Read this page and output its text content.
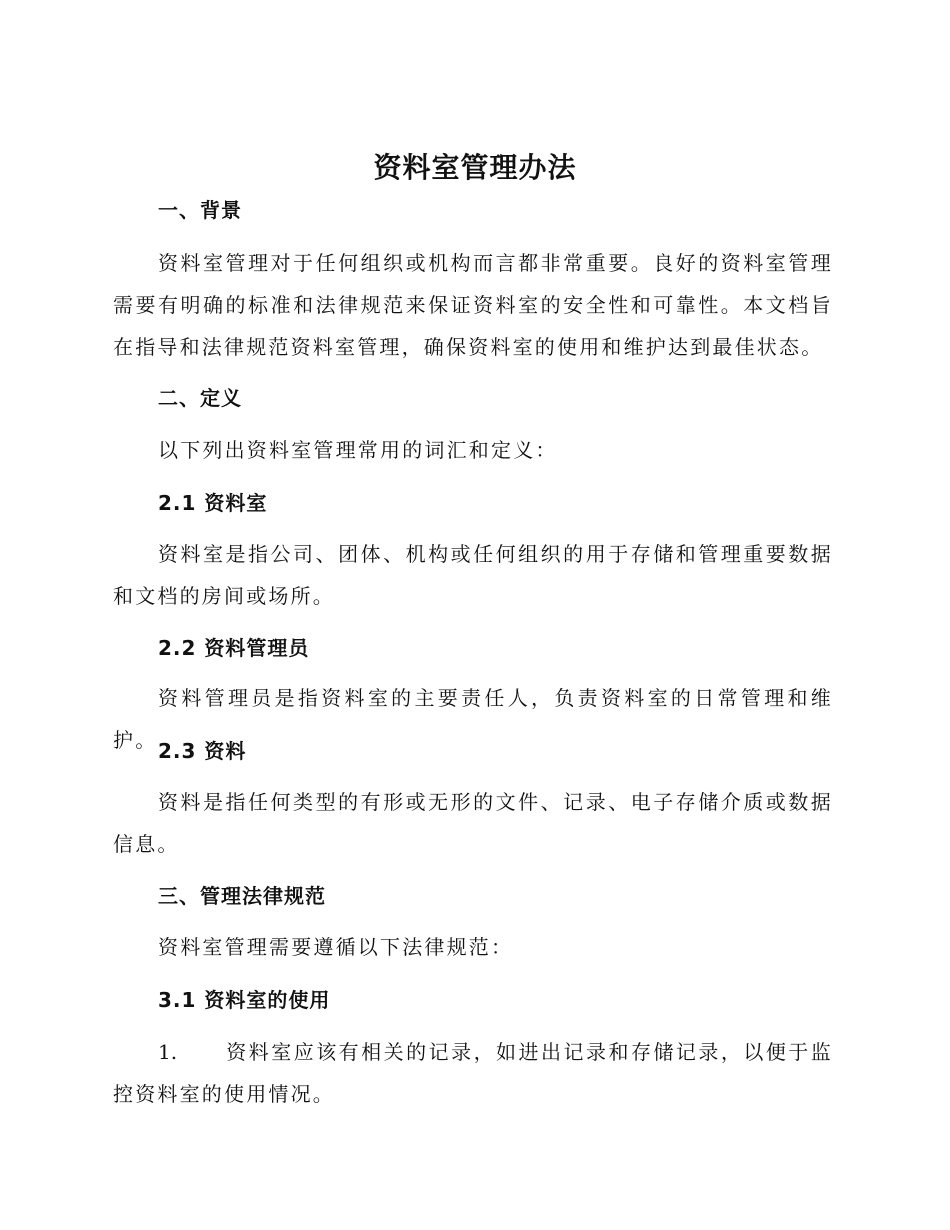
资料室管理办法
一、背景
资料室管理对于任何组织或机构而言都非常重要。良好的资料室管理需要有明确的标准和法律规范来保证资料室的安全性和可靠性。本文档旨在指导和法律规范资料室管理，确保资料室的使用和维护达到最佳状态。
二、定义
以下列出资料室管理常用的词汇和定义：
2.1 资料室
资料室是指公司、团体、机构或任何组织的用于存储和管理重要数据和文档的房间或场所。
2.2 资料管理员
资料管理员是指资料室的主要责任人，负责资料室的日常管理和维护。 2.3 资料
资料是指任何类型的有形或无形的文件、记录、电子存储介质或数据信息。
三、管理法律规范
资料室管理需要遵循以下法律规范：
3.1 资料室的使用
1. 资料室应该有相关的记录，如进出记录和存储记录，以便于监控资料室的使用情况。
